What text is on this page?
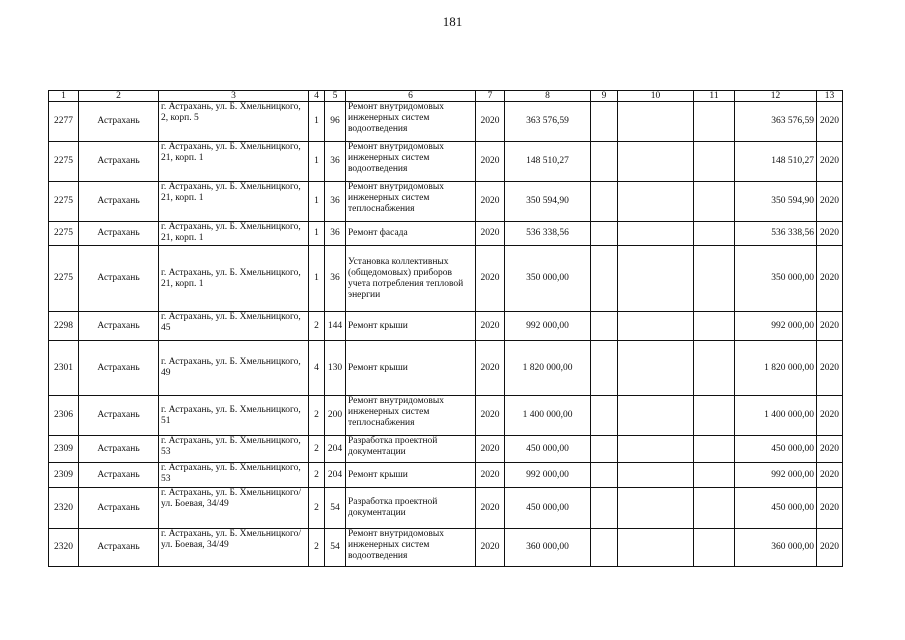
181
1	2	3	4	5	6	7	8	9	10	11	12	13
2277	Астрахань	г. Астрахань, ул. Б. Хмельницкого, 2, корп. 5	1	96	Ремонт внутридомовых инженерных систем водоотведения	2020	363 576,59				363 576,59	2020
2275	Астрахань	г. Астрахань, ул. Б. Хмельницкого, 21, корп. 1	1	36	Ремонт внутридомовых инженерных систем водоотведения	2020	148 510,27				148 510,27	2020
2275	Астрахань	г. Астрахань, ул. Б. Хмельницкого, 21, корп. 1	1	36	Ремонт внутридомовых инженерных систем теплоснабжения	2020	350 594,90				350 594,90	2020
2275	Астрахань	г. Астрахань, ул. Б. Хмельницкого, 21, корп. 1	1	36	Ремонт фасада	2020	536 338,56				536 338,56	2020
2275	Астрахань	г. Астрахань, ул. Б. Хмельницкого, 21, корп. 1	1	36	Установка коллективных (общедомовых) приборов учета потребления тепловой энергии	2020	350 000,00				350 000,00	2020
2298	Астрахань	г. Астрахань, ул. Б. Хмельницкого, 45	2	144	Ремонт крыши	2020	992 000,00				992 000,00	2020
2301	Астрахань	г. Астрахань, ул. Б. Хмельницкого, 49	4	130	Ремонт крыши	2020	1 820 000,00				1 820 000,00	2020
2306	Астрахань	г. Астрахань, ул. Б. Хмельницкого, 51	2	200	Ремонт внутридомовых инженерных систем теплоснабжения	2020	1 400 000,00				1 400 000,00	2020
2309	Астрахань	г. Астрахань, ул. Б. Хмельницкого, 53	2	204	Разработка проектной документации	2020	450 000,00				450 000,00	2020
2309	Астрахань	г. Астрахань, ул. Б. Хмельницкого, 53	2	204	Ремонт крыши	2020	992 000,00				992 000,00	2020
2320	Астрахань	г. Астрахань, ул. Б. Хмельницкого/ ул. Боевая, 34/49	2	54	Разработка проектной документации	2020	450 000,00				450 000,00	2020
2320	Астрахань	г. Астрахань, ул. Б. Хмельницкого/ ул. Боевая, 34/49	2	54	Ремонт внутридомовых инженерных систем водоотведения	2020	360 000,00				360 000,00	2020
